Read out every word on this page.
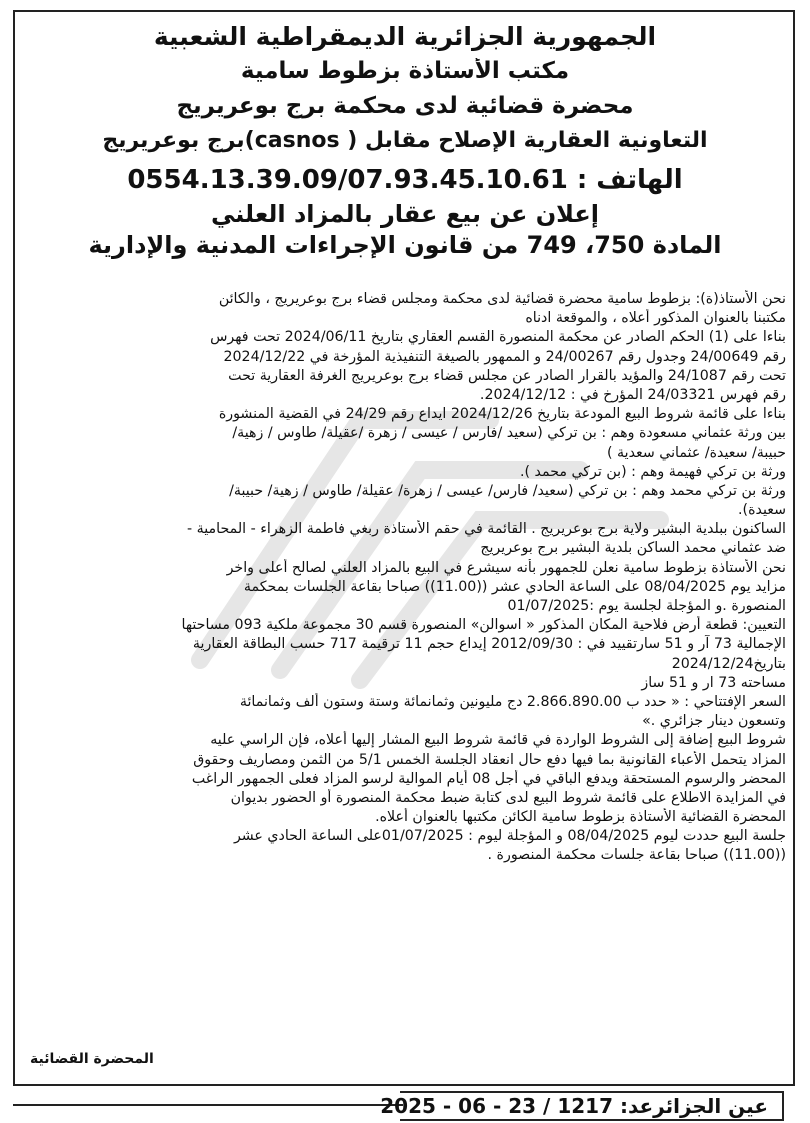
الجمهورية الجزائرية الديمقراطية الشعبية
مكتب الأستاذة بزطوط سامية
محضرة قضائية لدى محكمة برج بوعريريج
التعاونية العقارية الإصلاح مقابل ( casnos)برج بوعريريج
الهاتف : 0554.13.39.09/07.93.45.10.61
إعلان عن بيع عقار بالمزاد العلني
المادة 750، 749 من قانون الإجراءات المدنية والإدارية
نحن الأستاذ(ة): بزطوط سامية محضرة قضائية لدى محكمة ومجلس قضاء برج بوعريريج ، والكائن
مكتبنا بالعنوان المذكور أعلاه ، والموقعة ادناه
بناءا على (1) الحكم الصادر عن محكمة المنصورة القسم العقاري بتاريخ 2024/06/11 تحت فهرس
رقم 24/00649 وجدول رقم 24/00267 و الممهور بالصيغة التنفيذية المؤرخة في 2024/12/22
تحت رقم 24/1087 والمؤيد بالقرار الصادر عن مجلس قضاء برج بوعريريج الغرفة العقارية تحت
رقم فهرس 24/03321 المؤرخ في : 2024/12/12.
بناءا على قائمة شروط البيع المودعة بتاريخ 2024/12/26 ايداع رقم 24/29 في القضية المنشورة
بين ورثة عثماني مسعودة وهم : بن تركي (سعيد /فارس / عيسى / زهرة /عقيلة/ طاوس / زهية/
حبيبة/ سعيدة/ عثماني سعدية )
ورثة بن تركي فهيمة وهم : (بن تركي محمد ).
ورثة بن تركي محمد وهم : بن تركي (سعيد/ فارس/ عيسى / زهرة/ عقيلة/ طاوس / زهية/ حبيبة/
سعيدة).
الساكنون ببلدية البشير ولاية برج بوعريريج . القائمة في حقم الأستاذة ربغي فاطمة الزهراء - المحامية -
ضد عثماني محمد الساكن بلدية البشير برج بوعريريج
نحن الأستاذة بزطوط سامية نعلن للجمهور بأنه سيشرع في البيع بالمزاد العلني لصالح أعلى واخر
مزايد يوم 08/04/2025 على الساعة الحادي عشر ((11.00)) صباحا بقاعة الجلسات بمحكمة
المنصورة .و المؤجلة لجلسة يوم :01/07/2025
التعيين: قطعة أرض فلاحية المكان المذكور « اسوالن» المنصورة قسم 30 مجموعة ملكية 093 مساحتها
الإجمالية 73 آر و 51 سارتقييد في : 2012/09/30 إيداع حجم 11 ترقيمة 717 حسب البطاقة العقارية
بتاريخ2024/12/24
مساحته 73 ار و 51 ساز
السعر الإفتتاحي : « حدد ب 2.866.890.00 دج مليونين وثمانمائة وستة وستون ألف وثمانمائة
وتسعون دينار جزائري .»
شروط البيع إضافة إلى الشروط الواردة في قائمة شروط البيع المشار إليها أعلاه، فإن الراسي عليه
المزاد يتحمل الأعباء القانونية بما فيها دفع حال انعقاد الجلسة الخمس 5/1 من الثمن ومصاريف وحقوق
المحضر والرسوم المستحقة ويدفع الباقي في أجل 08 أيام الموالية لرسو المزاد فعلى الجمهور الراغب
في المزايدة الاطلاع على قائمة شروط البيع لدى كتابة ضبط محكمة المنصورة أو الحضور بديوان
المحضرة القضائية الأستاذة بزطوط سامية الكائن مكتبها بالعنوان أعلاه.
جلسة البيع حددت ليوم 08/04/2025 و المؤجلة ليوم : 01/07/2025على الساعة الحادي عشر
((11.00)) صباحا بقاعة جلسات محكمة المنصورة .
المحضرة القضائية
عين الجزائرعد: 1217 / 23 - 06 - 2025
